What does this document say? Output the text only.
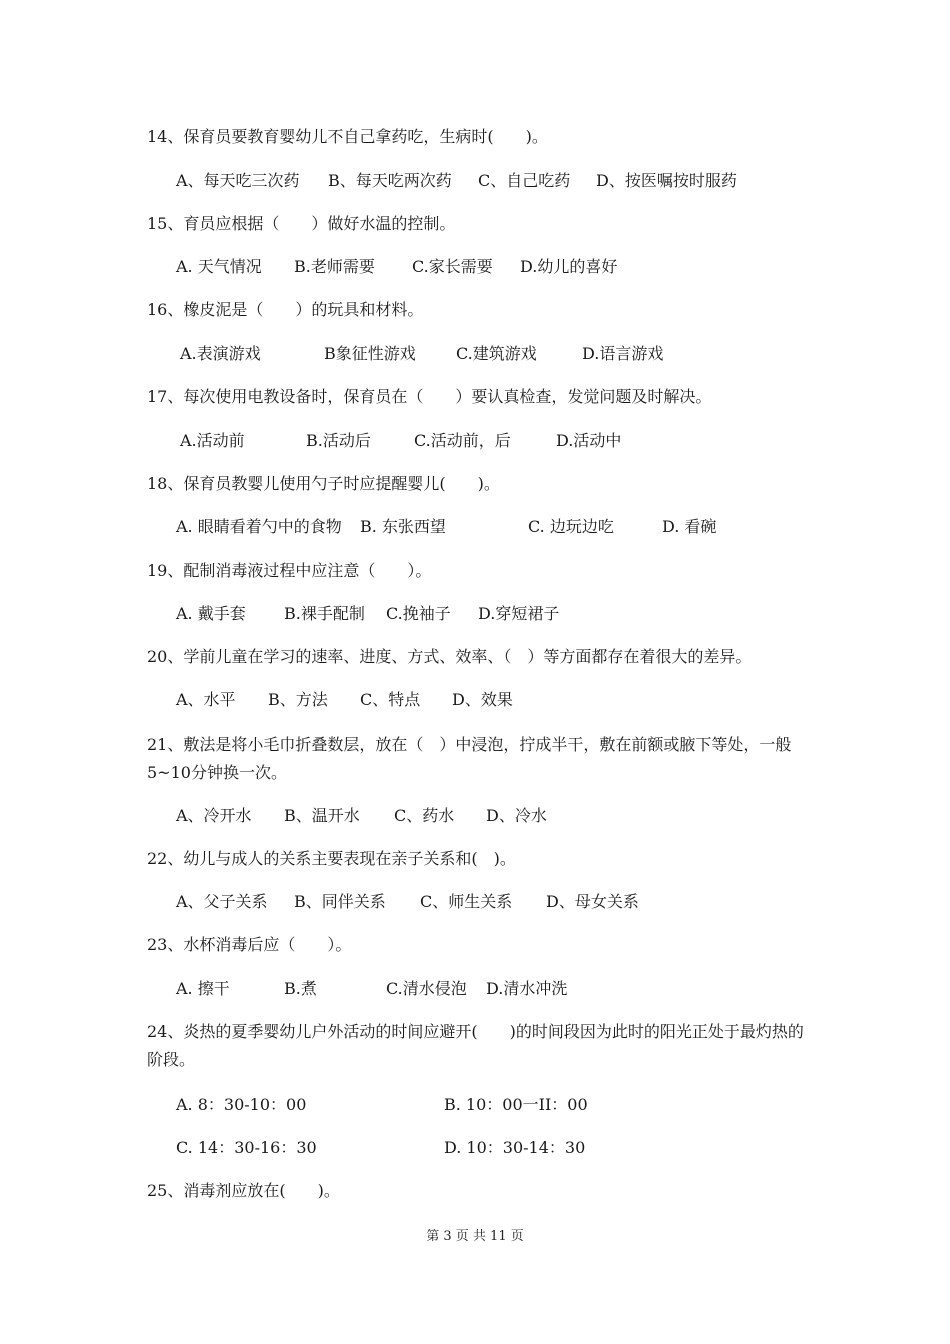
14、保育员要教育婴幼儿不自己拿药吃，生病时(　　)。
A、每天吃三次药 B、每天吃两次药 C、自己吃药 D、按医嘱按时服药
15、育员应根据（　　）做好水温的控制。
A. 天气情况 B.老师需要 C.家长需要 D.幼儿的喜好
16、橡皮泥是（　　）的玩具和材料。
A.表演游戏	B象征性游戏	C.建筑游戏	D.语言游戏
17、每次使用电教设备时，保育员在（　　）要认真检查，发觉问题及时解决。
A.活动前	B.活动后	C.活动前，后	D.活动中
18、保育员教婴儿使用勺子时应提醒婴儿(　　)。
A. 眼睛看着勺中的食物 B. 东张西望	C. 边玩边吃	D. 看碗
19、配制消毒液过程中应注意（　　）。
A. 戴手套 B.裸手配制 C.挽袖子 D.穿短裙子
20、学前儿童在学习的速率、进度、方式、效率、（　）等方面都存在着很大的差异。
A、水平 B、方法 C、特点 D、效果
21、敷法是将小毛巾折叠数层，放在（　）中浸泡，拧成半干，敷在前额或腋下等处，一般5~10分钟换一次。
A、冷开水 B、温开水 C、药水 D、冷水
22、幼儿与成人的关系主要表现在亲子关系和(　)。
A、父子关系 B、同伴关系 C、师生关系 D、母女关系
23、水杯消毒后应（　　）。
A. 擦干	B.煮	C.清水侵泡 D.清水冲洗
24、炎热的夏季婴幼儿户外活动的时间应避开(　　)的时间段因为此时的阳光正处于最灼热的阶段。
A. 8：30-10：00	B. 10：00一II：00
C. 14：30-16：30	D. 10：30-14：30
25、消毒剂应放在(　　)。
第 3 页 共 11 页
